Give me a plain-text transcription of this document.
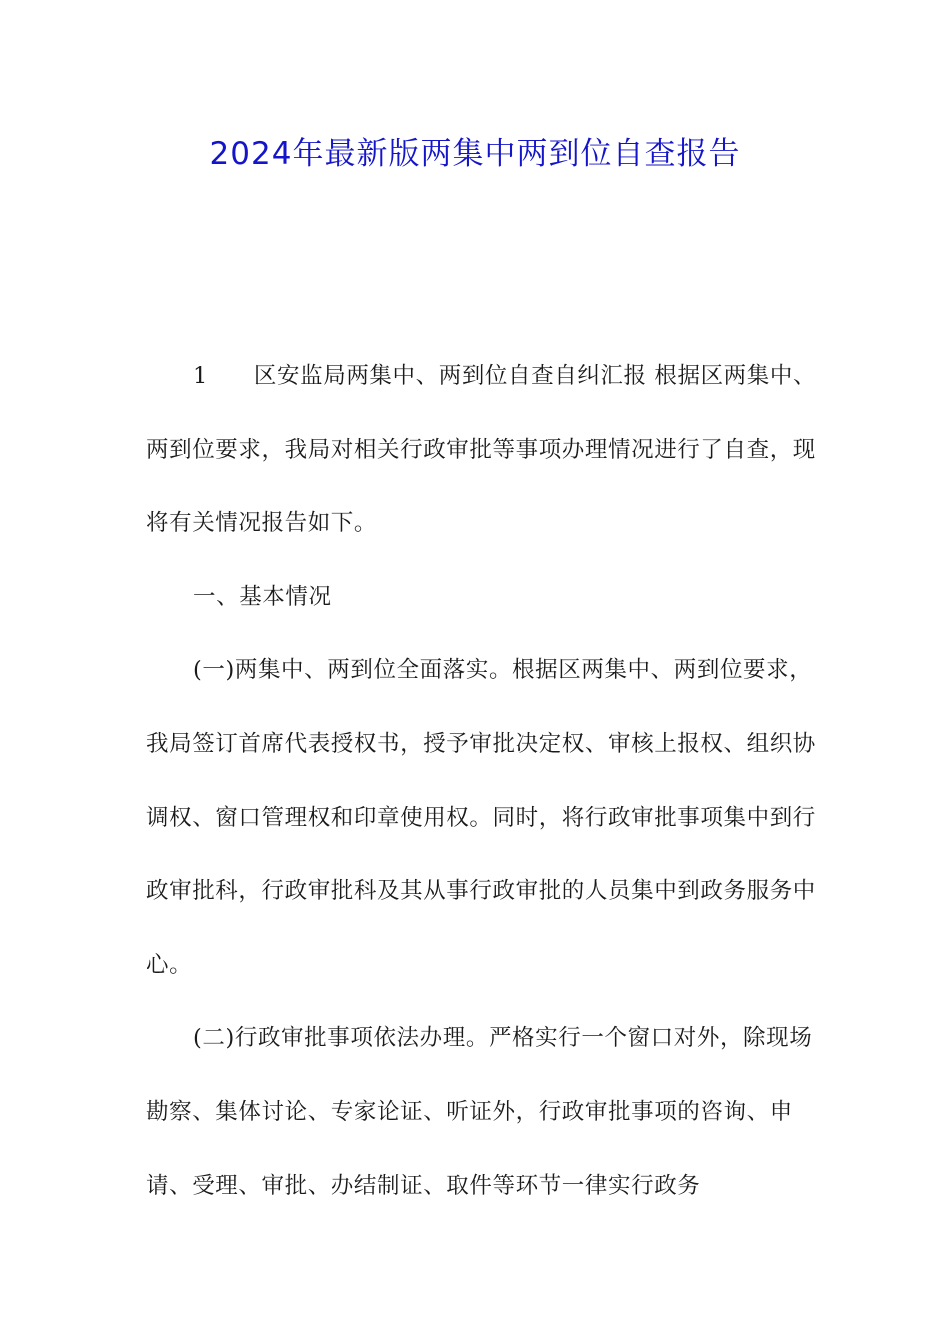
2024年最新版两集中两到位自查报告

1 区安监局两集中、两到位自查自纠汇报 根据区两集中、两到位要求，我局对相关行政审批等事项办理情况进行了自查，现将有关情况报告如下。

一、基本情况

(一)两集中、两到位全面落实。根据区两集中、两到位要求，我局签订首席代表授权书，授予审批决定权、审核上报权、组织协调权、窗口管理权和印章使用权。同时，将行政审批事项集中到行政审批科，行政审批科及其从事行政审批的人员集中到政务服务中心。

(二)行政审批事项依法办理。严格实行一个窗口对外，除现场勘察、集体讨论、专家论证、听证外，行政审批事项的咨询、申请、受理、审批、办结制证、取件等环节一律实行政务
